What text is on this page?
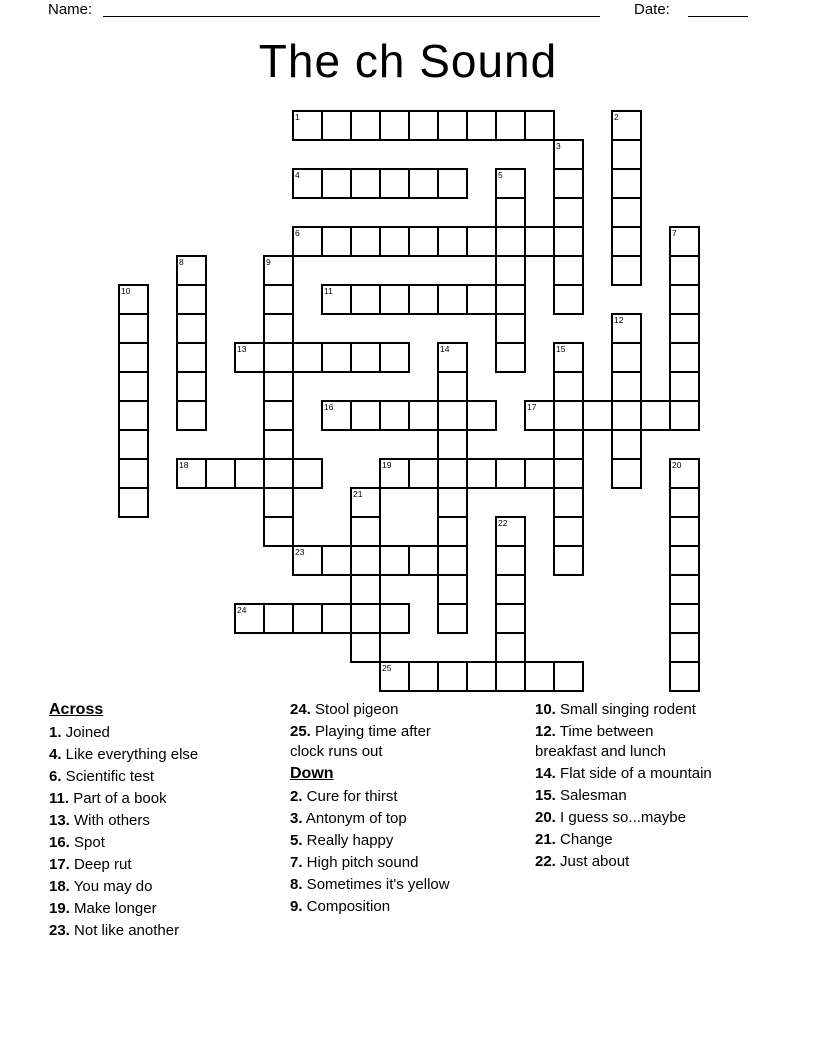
Name:	Date:
The ch Sound
1	2
3
4	5
6	7
8	9
10	11
12
13	14	15
16	17
18	19	20
21
22
23
24
25
Across
1. Joined
4. Like everything else
6. Scientific test
11. Part of a book
13. With others
16. Spot
17. Deep rut
18. You may do
19. Make longer
23. Not like another
24. Stool pigeon
25. Playing time after clock runs out
Down
2. Cure for thirst
3. Antonym of top
5. Really happy
7. High pitch sound
8. Sometimes it's yellow
9. Composition
10. Small singing rodent
12. Time between breakfast and lunch
14. Flat side of a mountain
15. Salesman
20. I guess so...maybe
21. Change
22. Just about
